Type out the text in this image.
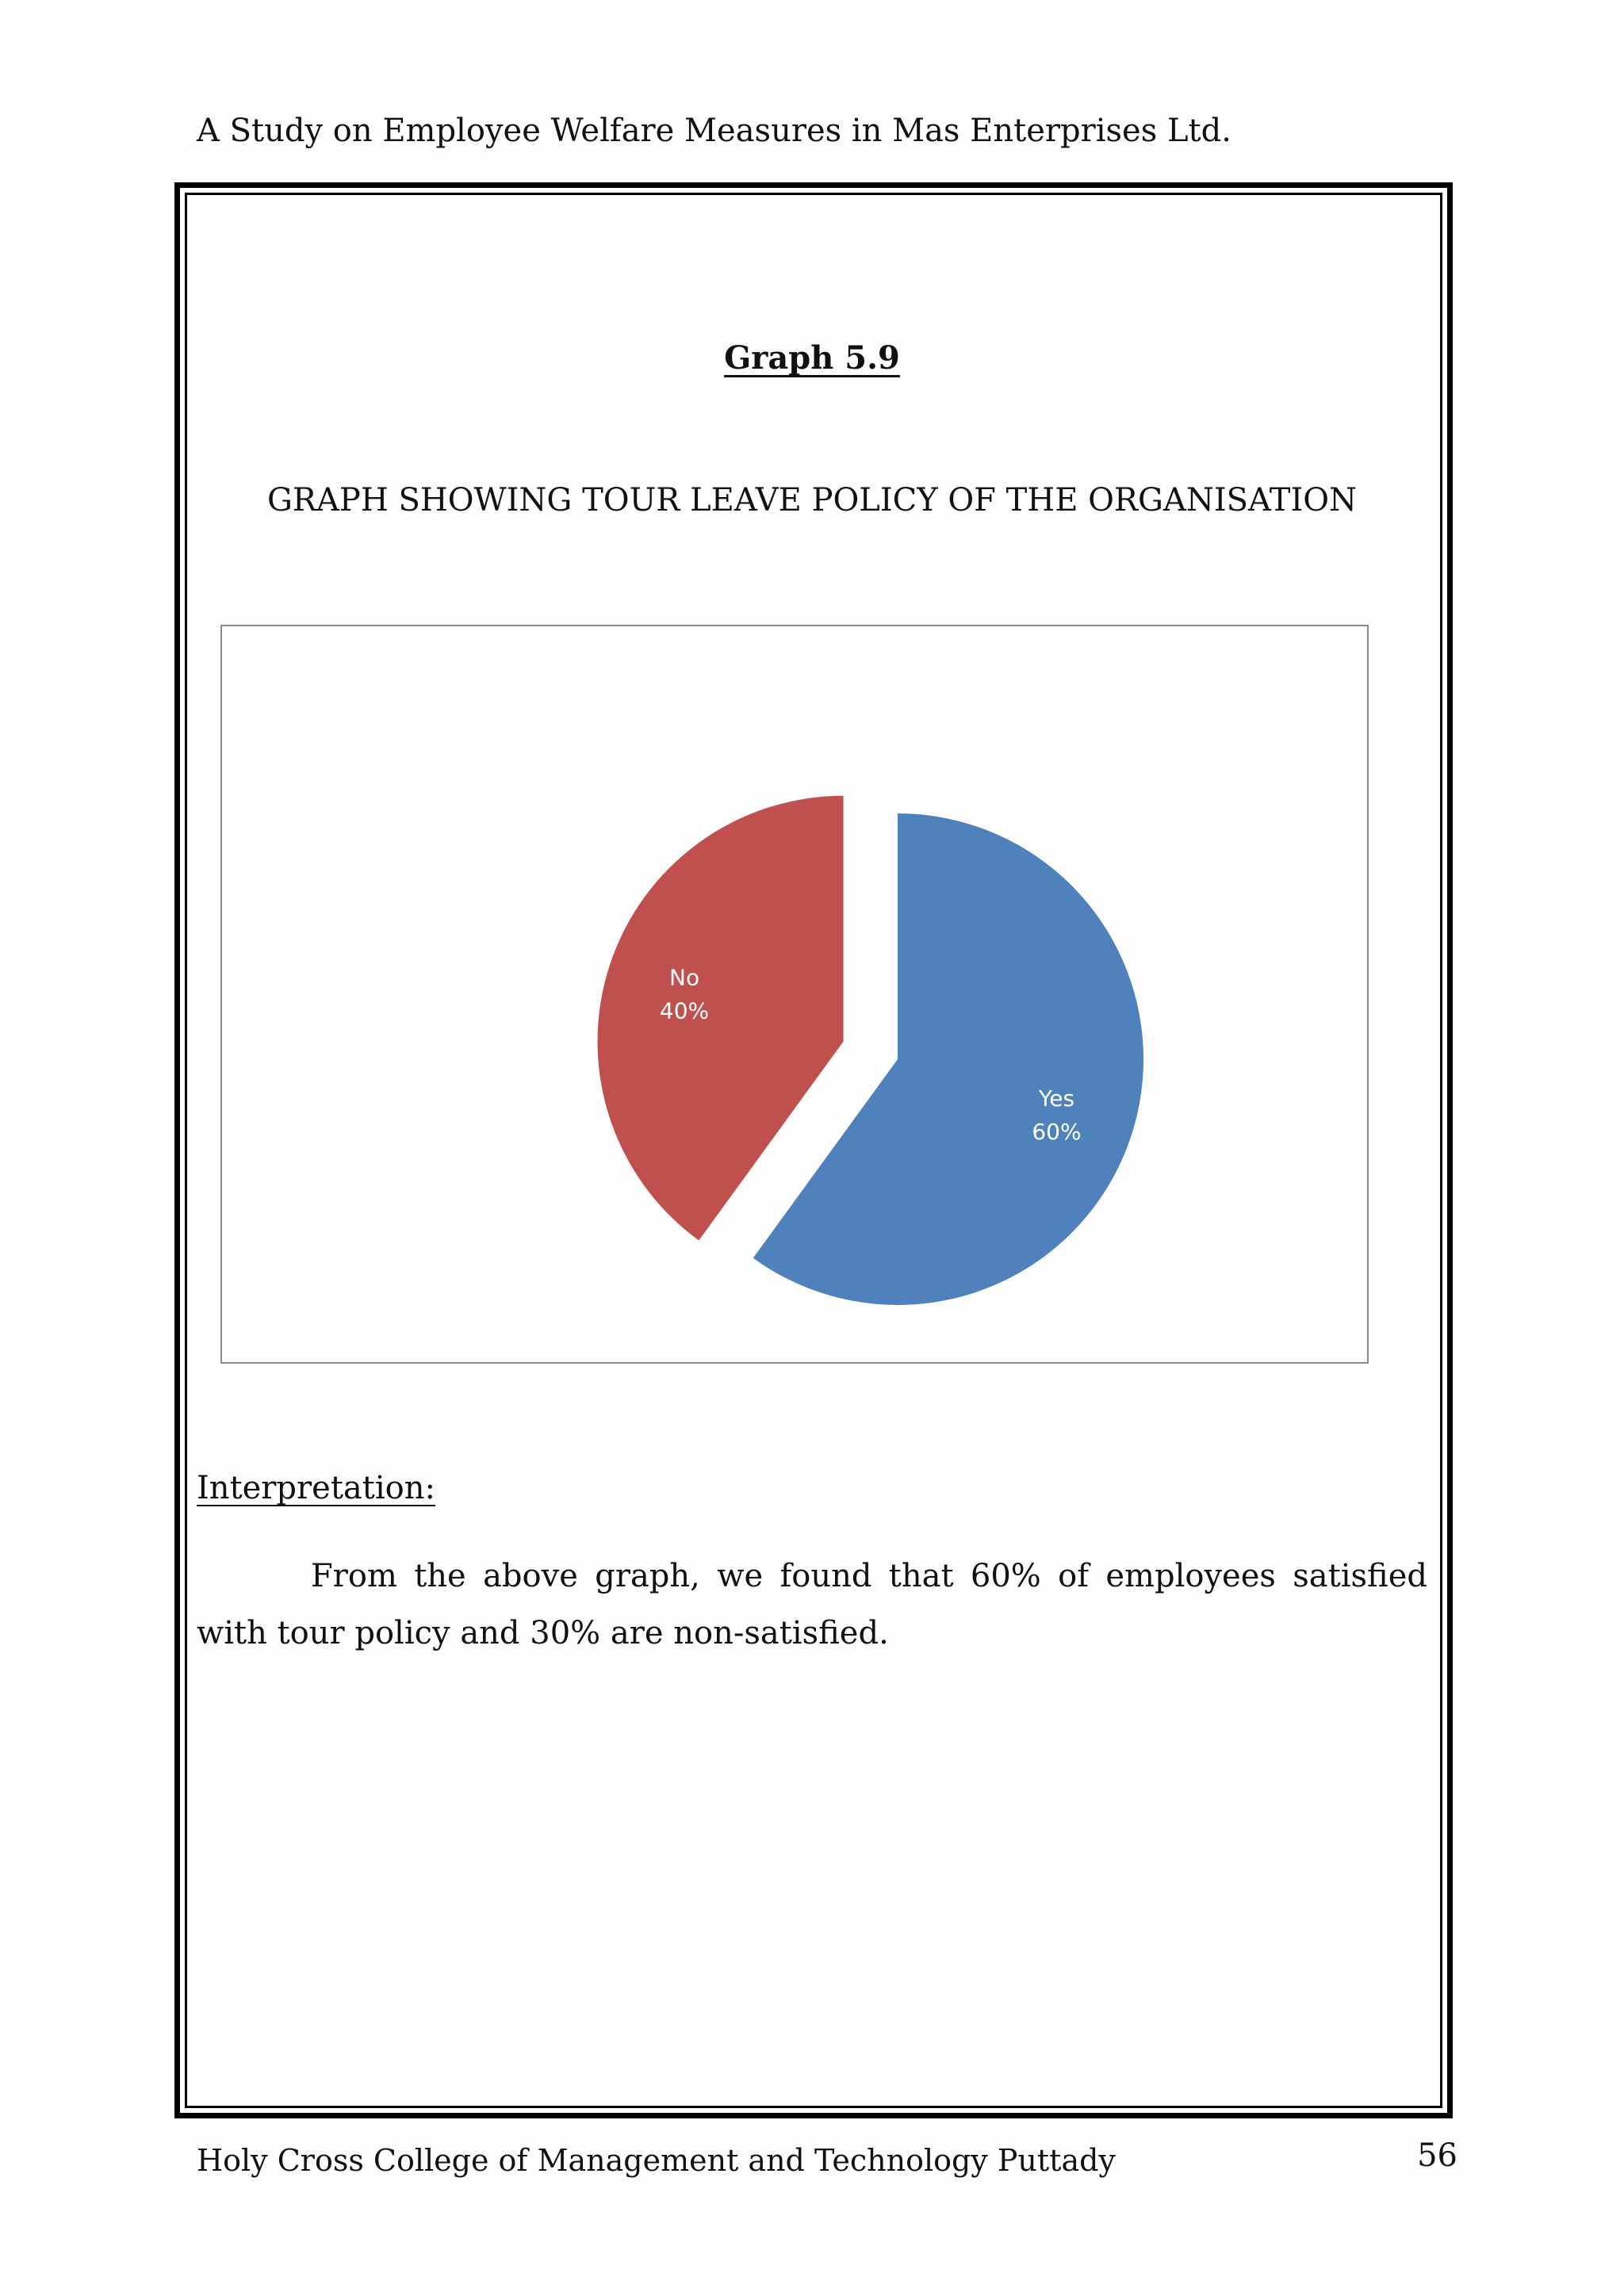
A Study on Employee Welfare Measures in Mas Enterprises Ltd.
Graph 5.9
GRAPH SHOWING TOUR LEAVE POLICY OF THE ORGANISATION
Yes
60%
No
40%
Interpretation:
From the above graph, we found that 60% of employees satisfied with tour policy and 30% are non-satisfied.
Holy Cross College of Management and Technology Puttady	56
